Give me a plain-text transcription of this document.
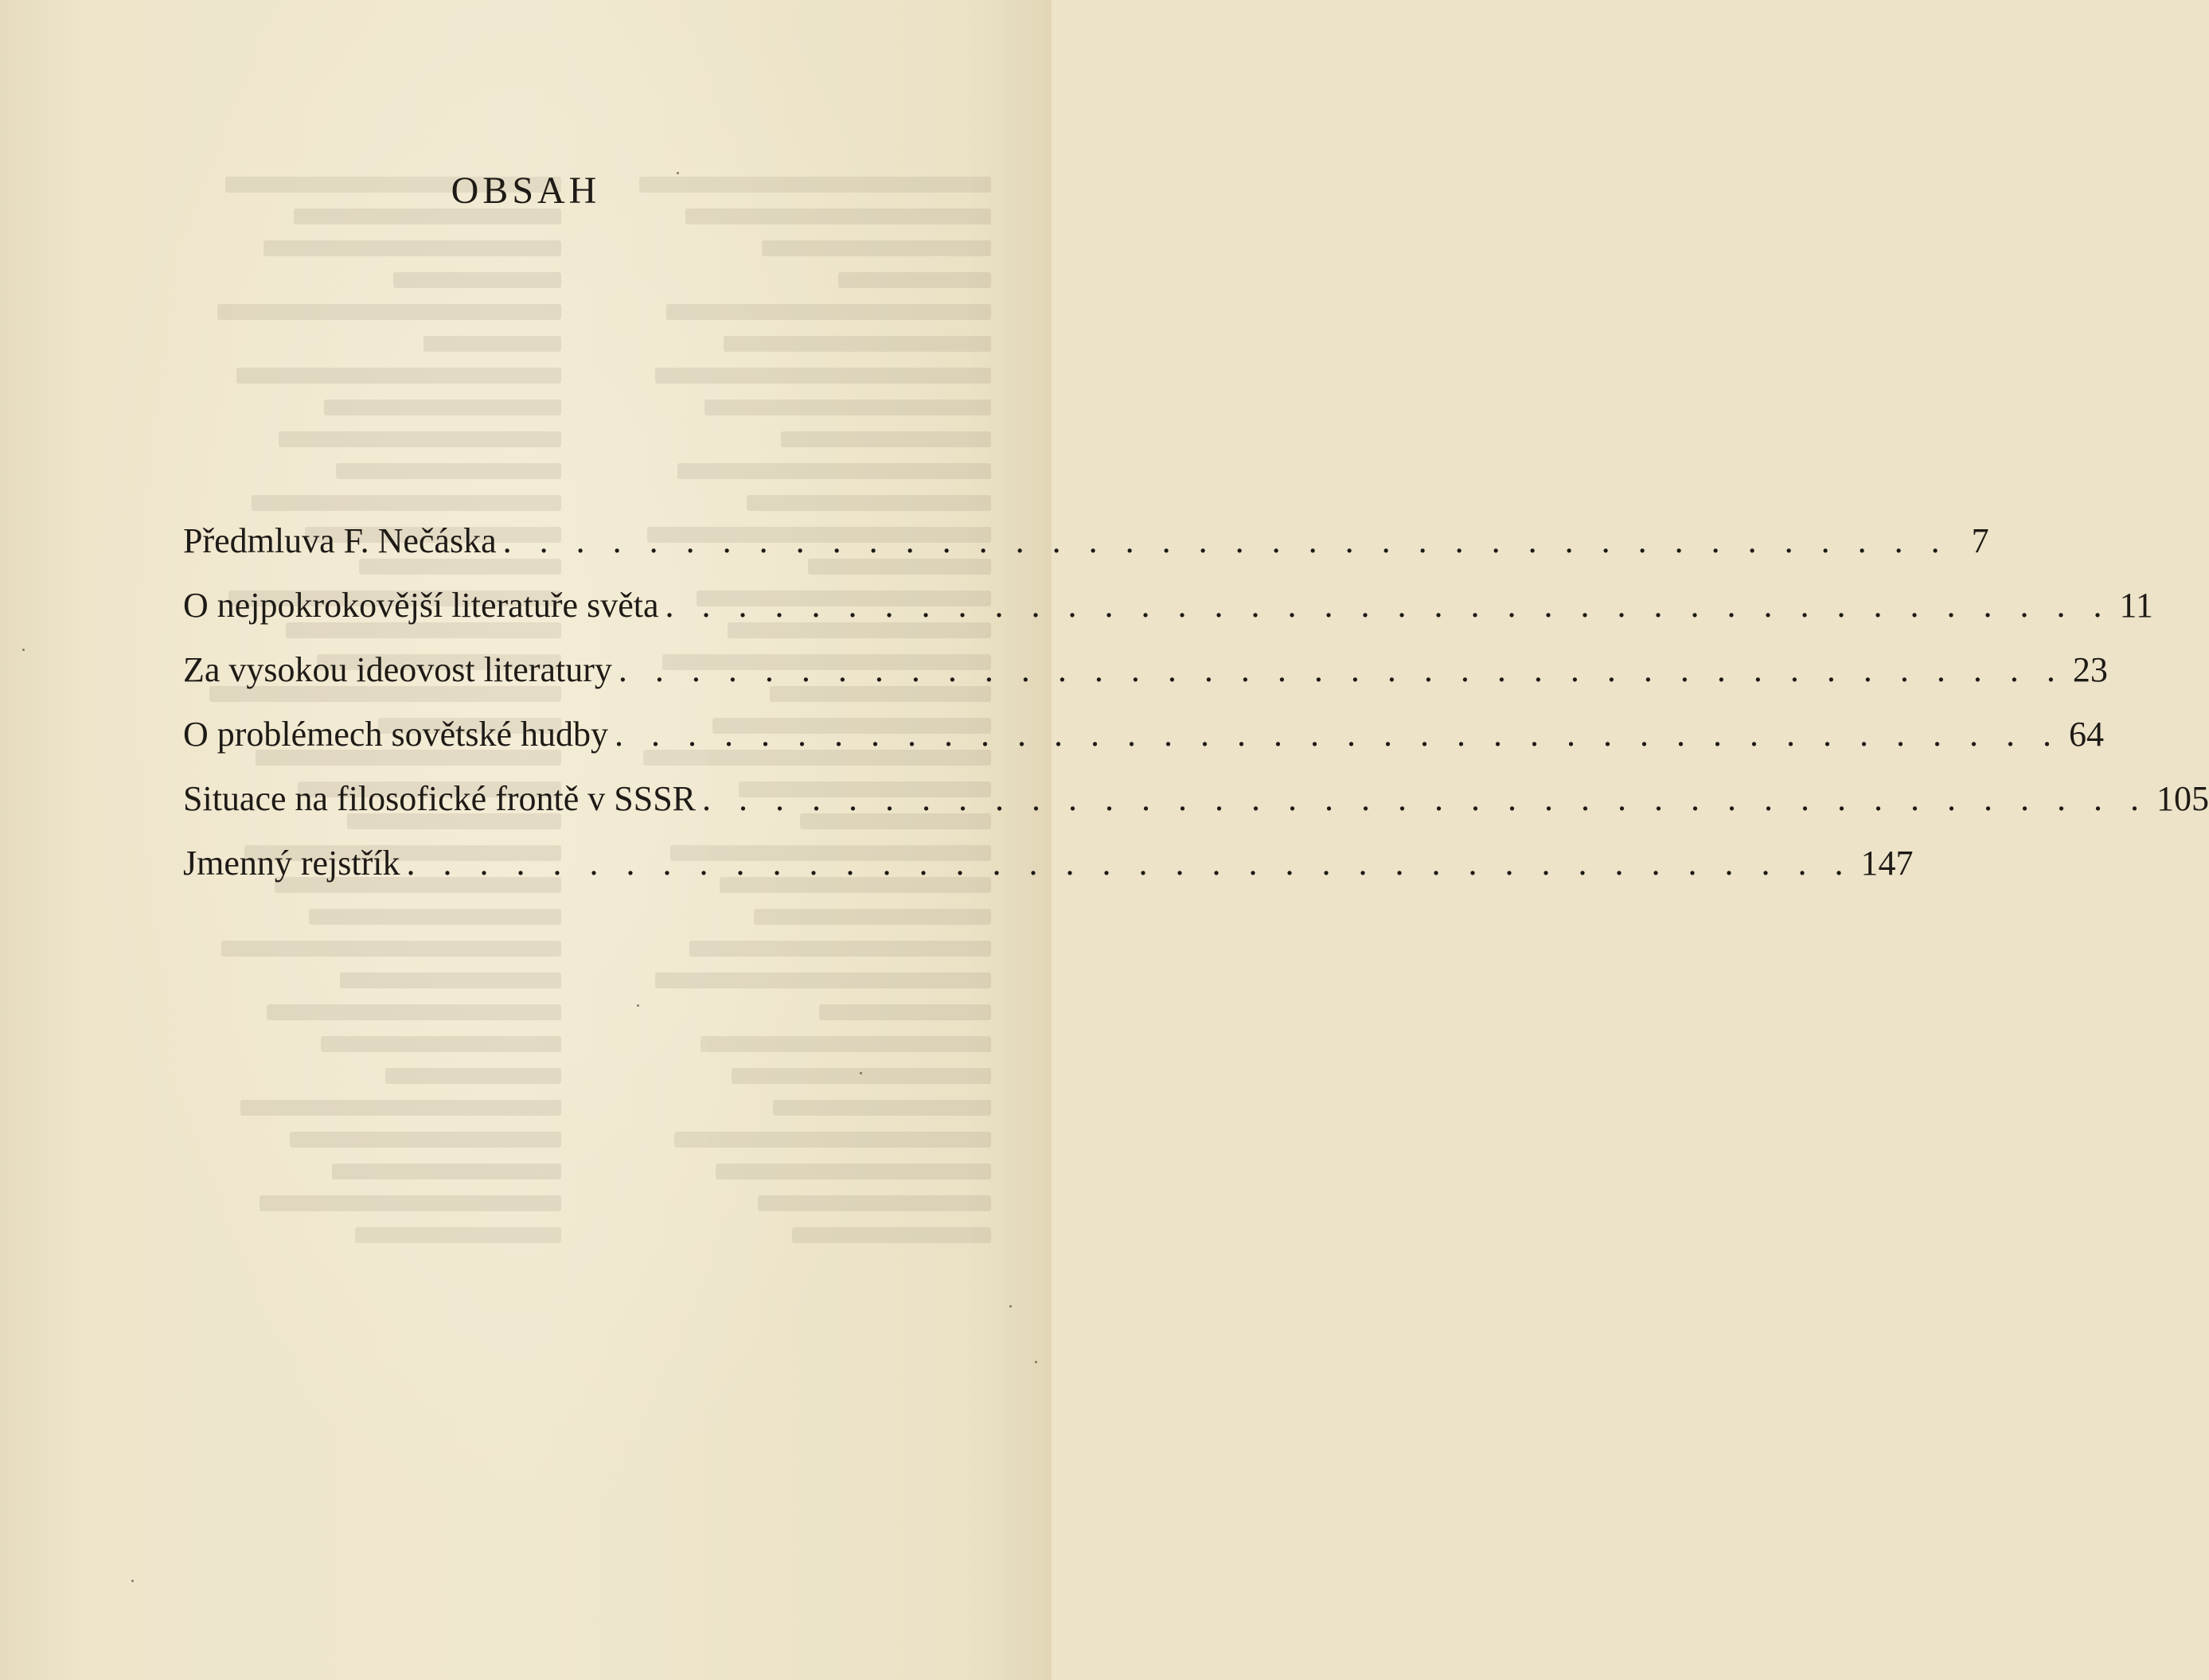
OBSAH
Předmluva F. Nečáska . . . . . . . . . . . . . . . . . . . . . . . . . . . . . . . . . . . . . . . . 7
O nejpokrokovější literatuře světa . . . . . . . . . . . . . . . . . . . . . . . . . . . . . . . . . . . . . . . . 11
Za vysokou ideovost literatury . . . . . . . . . . . . . . . . . . . . . . . . . . . . . . . . . . . . . . . . 23
O problémech sovětské hudby . . . . . . . . . . . . . . . . . . . . . . . . . . . . . . . . . . . . . . . . 64
Situace na filosofické frontě v SSSR . . . . . . . . . . . . . . . . . . . . . . . . . . . . . . . . . . . . . . . . 105
Jmenný rejstřík . . . . . . . . . . . . . . . . . . . . . . . . . . . . . . . . . . . . . . . . 147
